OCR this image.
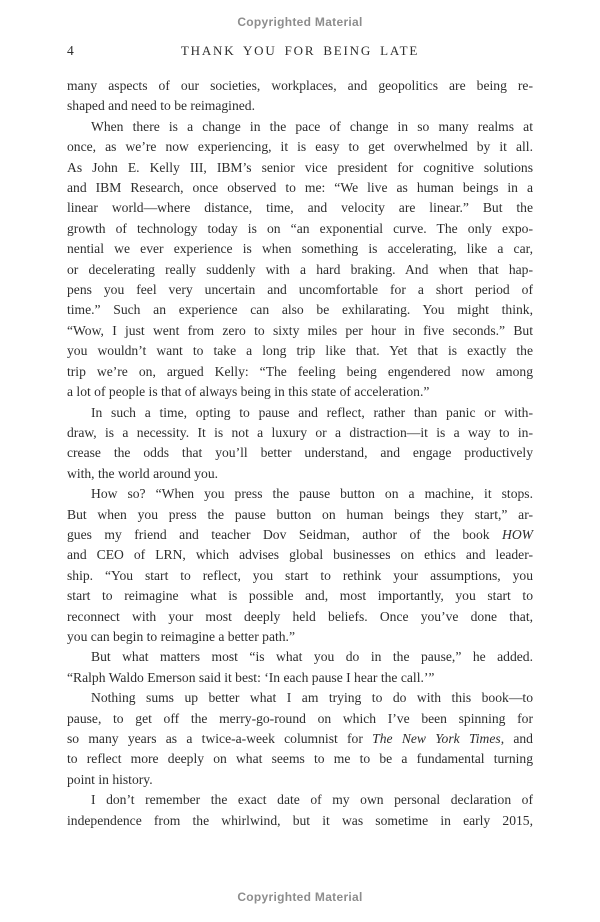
Copyrighted Material
4	THANK YOU FOR BEING LATE
many aspects of our societies, workplaces, and geopolitics are being re-
shaped and need to be reimagined.
When there is a change in the pace of change in so many realms at
once, as we’re now experiencing, it is easy to get overwhelmed by it all.
As John E. Kelly III, IBM’s senior vice president for cognitive solutions
and IBM Research, once observed to me: “We live as human beings in a
linear world—where distance, time, and velocity are linear.” But the
growth of technology today is on “an exponential curve. The only expo-
nential we ever experience is when something is accelerating, like a car,
or decelerating really suddenly with a hard braking. And when that hap-
pens you feel very uncertain and uncomfortable for a short period of
time.” Such an experience can also be exhilarating. You might think,
“Wow, I just went from zero to sixty miles per hour in five seconds.” But
you wouldn’t want to take a long trip like that. Yet that is exactly the
trip we’re on, argued Kelly: “The feeling being engendered now among
a lot of people is that of always being in this state of acceleration.”
In such a time, opting to pause and reflect, rather than panic or with-
draw, is a necessity. It is not a luxury or a distraction—it is a way to in-
crease the odds that you’ll better understand, and engage productively
with, the world around you.
How so? “When you press the pause button on a machine, it stops.
But when you press the pause button on human beings they start,” ar-
gues my friend and teacher Dov Seidman, author of the book HOW
and CEO of LRN, which advises global businesses on ethics and leader-
ship. “You start to reflect, you start to rethink your assumptions, you
start to reimagine what is possible and, most importantly, you start to
reconnect with your most deeply held beliefs. Once you’ve done that,
you can begin to reimagine a better path.”
But what matters most “is what you do in the pause,” he added.
“Ralph Waldo Emerson said it best: ‘In each pause I hear the call.’”
Nothing sums up better what I am trying to do with this book—to
pause, to get off the merry-go-round on which I’ve been spinning for
so many years as a twice-a-week columnist for The New York Times, and
to reflect more deeply on what seems to me to be a fundamental turning
point in history.
I don’t remember the exact date of my own personal declaration of
independence from the whirlwind, but it was sometime in early 2015,
Copyrighted Material
